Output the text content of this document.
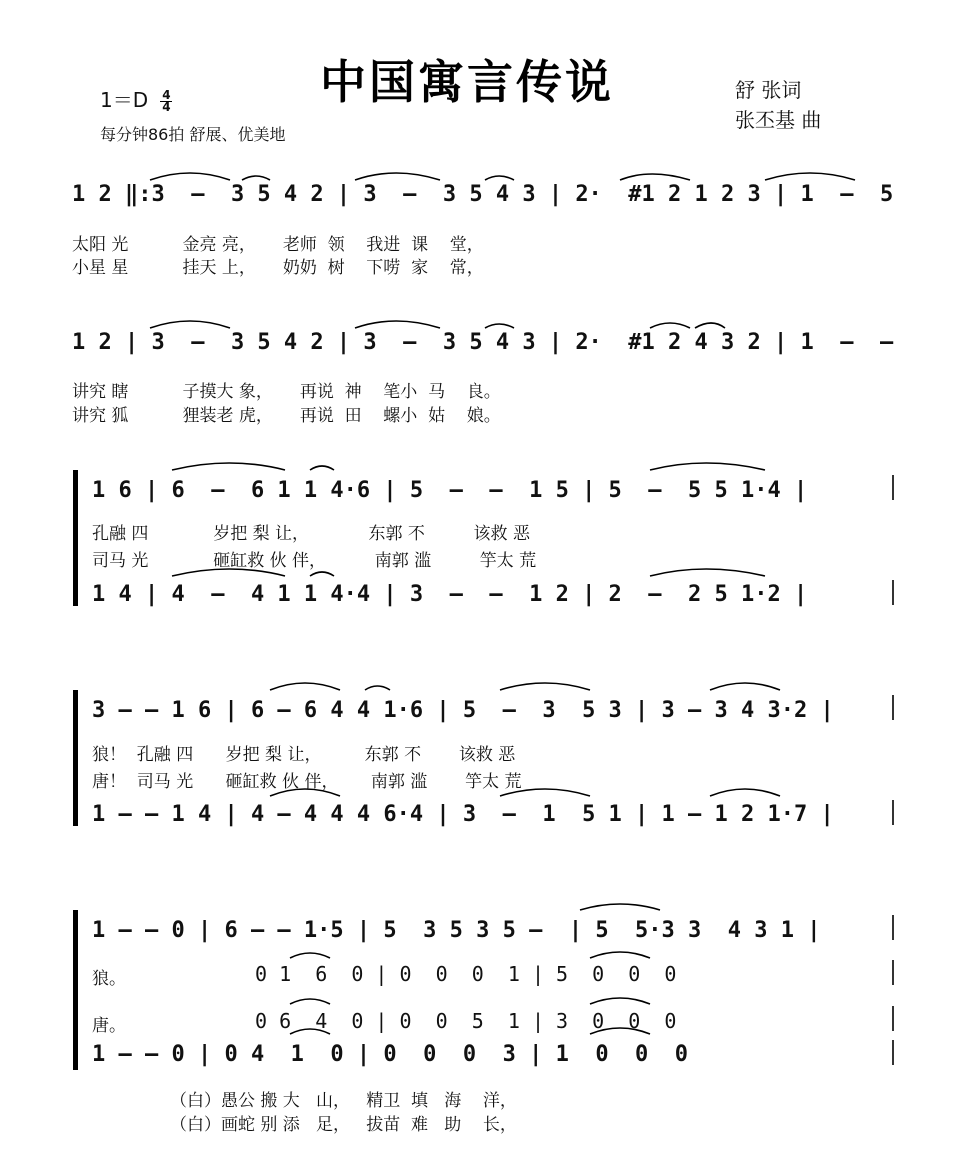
中国寓言传说
$1=D \frac{4}{4}$
每分钟86拍 舒展、优美地
舒 张词
张丕基 曲
1 2 ‖:3  –  3 5 4 2 | 3  –  3 5 4 3 | 2·  #1 2 1 2 3 | 1  –  5
太阳 光          金亮 亮，     老师  领    我进  课    堂，
小星 星          挂天 上，     奶奶  树    下唠  家    常，
1 2 | 3  –  3 5 4 2 | 3  –  3 5 4 3 | 2·  #1 2 4 3 2 | 1  –  –
讲究 瞎          子摸大 象，     再说  神    笔小  马    良。
讲究 狐          狸装老 虎，     再说  田    螺小  姑    娘。
1 6 | 6  –  6 1 1 4·6 | 5  –  –  1 5 | 5  –  5 5 1·4 |
孔融 四            岁把 梨 让，           东郭 不         该救 恶
司马 光            砸缸救 伙 伴，         南郭 滥         竽太 荒
1 4 | 4  –  4 1 1 4·4 | 3  –  –  1 2 | 2  –  2 5 1·2 |
3 – – 1 6 | 6 – 6 4 4 1·6 | 5  –  3  5 3 | 3 – 3 4 3·2 |
狼！  孔融 四      岁把 梨 让，        东郭 不       该救 恶
唐！  司马 光      砸缸救 伙 伴，      南郭 滥       竽太 荒
1 – – 1 4 | 4 – 4 4 4 6·4 | 3  –  1  5 1 | 1 – 1 2 1·7 |
1 – – 0 | 6 – – 1·5 | 5  3 5 3 5 –  | 5  5·3 3  4 3 1 |
狼。	0 1  6  0 | 0  0  0  1 | 5  0  0  0
唐。	0 6  4  0 | 0  0  5  1 | 3  0  0  0
1 – – 0 | 0 4  1  0 | 0  0  0  3 | 1  0  0  0
（白）愚公 搬 大   山，   精卫  填   海    洋，
（白）画蛇 别 添   足，   拔苗  难   助    长，
